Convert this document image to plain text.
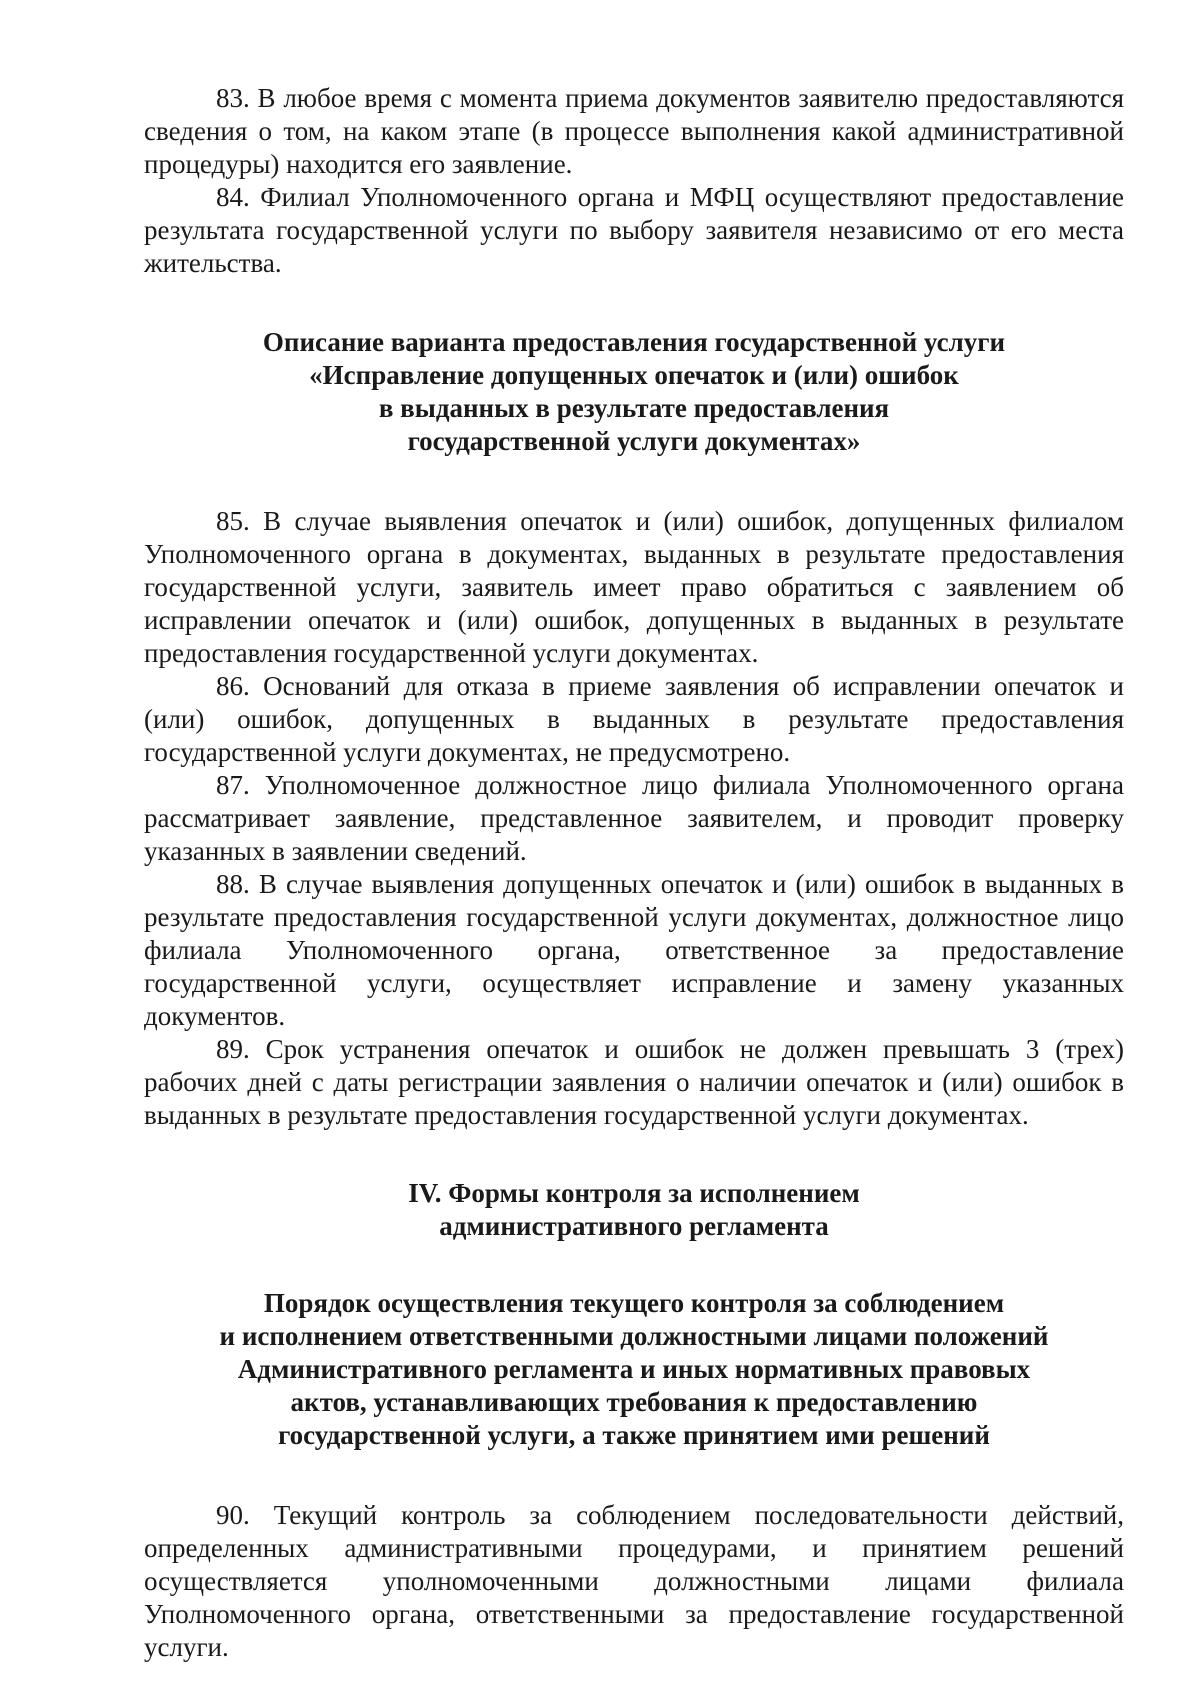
83. В любое время с момента приема документов заявителю предоставляются сведения о том, на каком этапе (в процессе выполнения какой административной процедуры) находится его заявление.

84. Филиал Уполномоченного органа и МФЦ осуществляют предоставление результата государственной услуги по выбору заявителя независимо от его места жительства.

Описание варианта предоставления государственной услуги
«Исправление допущенных опечаток и (или) ошибок
в выданных в результате предоставления
государственной услуги документах»

85. В случае выявления опечаток и (или) ошибок, допущенных филиалом Уполномоченного органа в документах, выданных в результате предоставления государственной услуги, заявитель имеет право обратиться с заявлением об исправлении опечаток и (или) ошибок, допущенных в выданных в результате предоставления государственной услуги документах.

86. Оснований для отказа в приеме заявления об исправлении опечаток и (или) ошибок, допущенных в выданных в результате предоставления государственной услуги документах, не предусмотрено.

87. Уполномоченное должностное лицо филиала Уполномоченного органа рассматривает заявление, представленное заявителем, и проводит проверку указанных в заявлении сведений.

88. В случае выявления допущенных опечаток и (или) ошибок в выданных в результате предоставления государственной услуги документах, должностное лицо филиала Уполномоченного органа, ответственное за предоставление государственной услуги, осуществляет исправление и замену указанных документов.

89. Срок устранения опечаток и ошибок не должен превышать 3 (трех) рабочих дней с даты регистрации заявления о наличии опечаток и (или) ошибок в выданных в результате предоставления государственной услуги документах.

IV. Формы контроля за исполнением
административного регламента
Порядок осуществления текущего контроля за соблюдением
и исполнением ответственными должностными лицами положений
Административного регламента и иных нормативных правовых
актов, устанавливающих требования к предоставлению
государственной услуги, а также принятием ими решений

90. Текущий контроль за соблюдением последовательности действий, определенных административными процедурами, и принятием решений осуществляется уполномоченными должностными лицами филиала Уполномоченного органа, ответственными за предоставление государственной услуги.
